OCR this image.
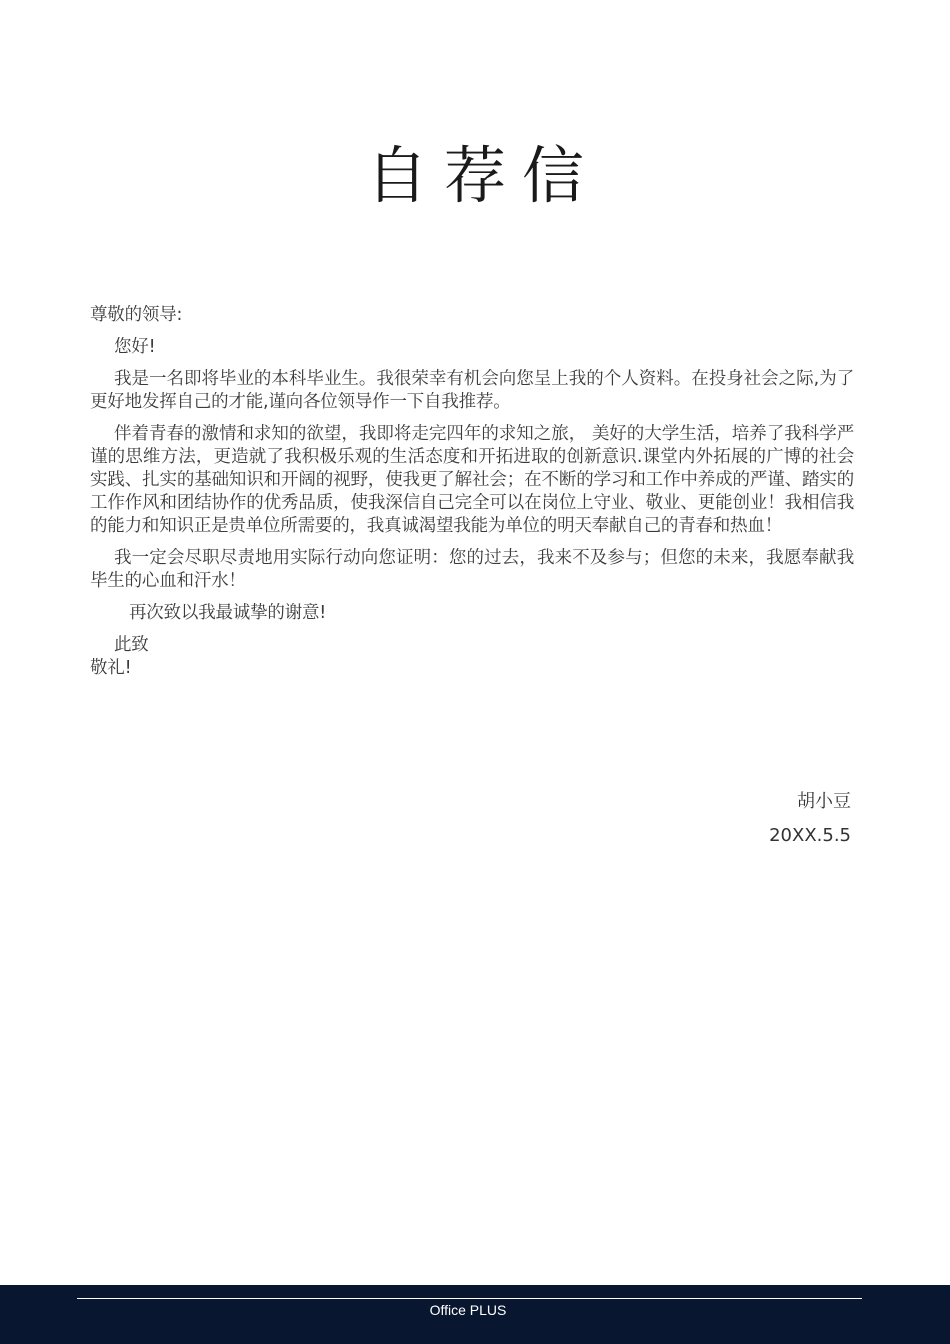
自荐信

尊敬的领导:

您好!

我是一名即将毕业的本科毕业生。我很荣幸有机会向您呈上我的个人资料。在投身社会之际,为了更好地发挥自己的才能,谨向各位领导作一下自我推荐。

伴着青春的激情和求知的欲望，我即将走完四年的求知之旅， 美好的大学生活，培养了我科学严谨的思维方法，更造就了我积极乐观的生活态度和开拓进取的创新意识.课堂内外拓展的广博的社会实践、扎实的基础知识和开阔的视野，使我更了解社会；在不断的学习和工作中养成的严谨、踏实的工作作风和团结协作的优秀品质，使我深信自己完全可以在岗位上守业、敬业、更能创业！我相信我的能力和知识正是贵单位所需要的，我真诚渴望我能为单位的明天奉献自己的青春和热血！

我一定会尽职尽责地用实际行动向您证明：您的过去，我来不及参与；但您的未来，我愿奉献我毕生的心血和汗水！

再次致以我最诚挚的谢意!

此致

敬礼!

胡小豆
20XX.5.5
Office PLUS
